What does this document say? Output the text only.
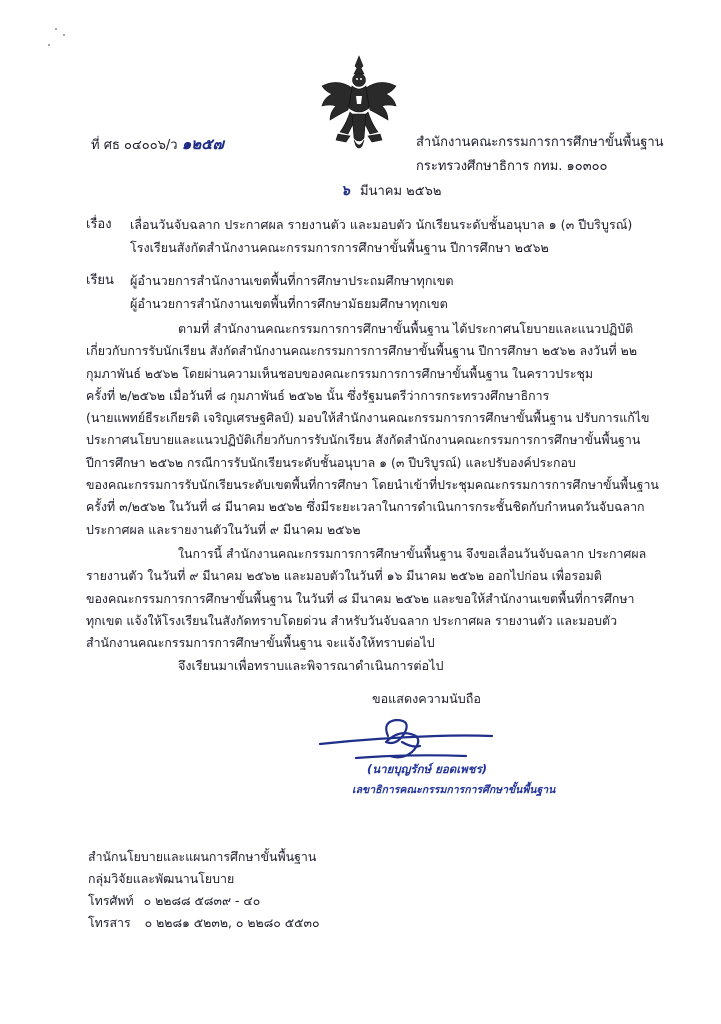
ที่ ศธ ๐๔๐๐๖/ว ๑๒๕๗	สำนักงานคณะกรรมการการศึกษาขั้นพื้นฐาน
กระทรวงศึกษาธิการ กทม. ๑๐๓๐๐
๖ มีนาคม ๒๕๖๒
เรื่อง เลื่อนวันจับฉลาก ประกาศผล รายงานตัว และมอบตัว นักเรียนระดับชั้นอนุบาล ๑ (๓ ปีบริบูรณ์)
โรงเรียนสังกัดสำนักงานคณะกรรมการการศึกษาขั้นพื้นฐาน ปีการศึกษา ๒๕๖๒
เรียน ผู้อำนวยการสำนักงานเขตพื้นที่การศึกษาประถมศึกษาทุกเขต
ผู้อำนวยการสำนักงานเขตพื้นที่การศึกษามัธยมศึกษาทุกเขต

ตามที่ สำนักงานคณะกรรมการการศึกษาขั้นพื้นฐาน ได้ประกาศนโยบายและแนวปฏิบัติ

เกี่ยวกับการรับนักเรียน สังกัดสำนักงานคณะกรรมการการศึกษาขั้นพื้นฐาน ปีการศึกษา ๒๕๖๒ ลงวันที่ ๒๒

กุมภาพันธ์ ๒๕๖๒ โดยผ่านความเห็นชอบของคณะกรรมการการศึกษาขั้นพื้นฐาน ในคราวประชุม

ครั้งที่ ๒/๒๕๖๒ เมื่อวันที่ ๘ กุมภาพันธ์ ๒๕๖๒ นั้น ซึ่งรัฐมนตรีว่าการกระทรวงศึกษาธิการ

(นายแพทย์ธีระเกียรติ เจริญเศรษฐศิลป์) มอบให้สำนักงานคณะกรรมการการศึกษาขั้นพื้นฐาน ปรับการแก้ไข

ประกาศนโยบายและแนวปฏิบัติเกี่ยวกับการรับนักเรียน สังกัดสำนักงานคณะกรรมการการศึกษาขั้นพื้นฐาน

ปีการศึกษา ๒๕๖๒ กรณีการรับนักเรียนระดับชั้นอนุบาล ๑ (๓ ปีบริบูรณ์) และปรับองค์ประกอบ

ของคณะกรรมการรับนักเรียนระดับเขตพื้นที่การศึกษา โดยนำเข้าที่ประชุมคณะกรรมการการศึกษาขั้นพื้นฐาน

ครั้งที่ ๓/๒๕๖๒ ในวันที่ ๘ มีนาคม ๒๕๖๒ ซึ่งมีระยะเวลาในการดำเนินการกระชั้นชิดกับกำหนดวันจับฉลาก

ประกาศผล และรายงานตัวในวันที่ ๙ มีนาคม ๒๕๖๒

ในการนี้ สำนักงานคณะกรรมการการศึกษาขั้นพื้นฐาน จึงขอเลื่อนวันจับฉลาก ประกาศผล

รายงานตัว ในวันที่ ๙ มีนาคม ๒๕๖๒ และมอบตัวในวันที่ ๑๖ มีนาคม ๒๕๖๒ ออกไปก่อน เพื่อรอมติ

ของคณะกรรมการการศึกษาขั้นพื้นฐาน ในวันที่ ๘ มีนาคม ๒๕๖๒ และขอให้สำนักงานเขตพื้นที่การศึกษา

ทุกเขต แจ้งให้โรงเรียนในสังกัดทราบโดยด่วน สำหรับวันจับฉลาก ประกาศผล รายงานตัว และมอบตัว

สำนักงานคณะกรรมการการศึกษาขั้นพื้นฐาน จะแจ้งให้ทราบต่อไป

จึงเรียนมาเพื่อทราบและพิจารณาดำเนินการต่อไป
ขอแสดงความนับถือ
(นายบุญรักษ์ ยอดเพชร)
เลขาธิการคณะกรรมการการศึกษาขั้นพื้นฐาน
สำนักนโยบายและแผนการศึกษาขั้นพื้นฐาน
กลุ่มวิจัยและพัฒนานโยบาย
โทรศัพท์ ๐ ๒๒๘๘ ๕๘๓๙ - ๔๐
โทรสาร ๐ ๒๒๘๑ ๕๒๓๒, ๐ ๒๒๘๐ ๕๕๓๐
